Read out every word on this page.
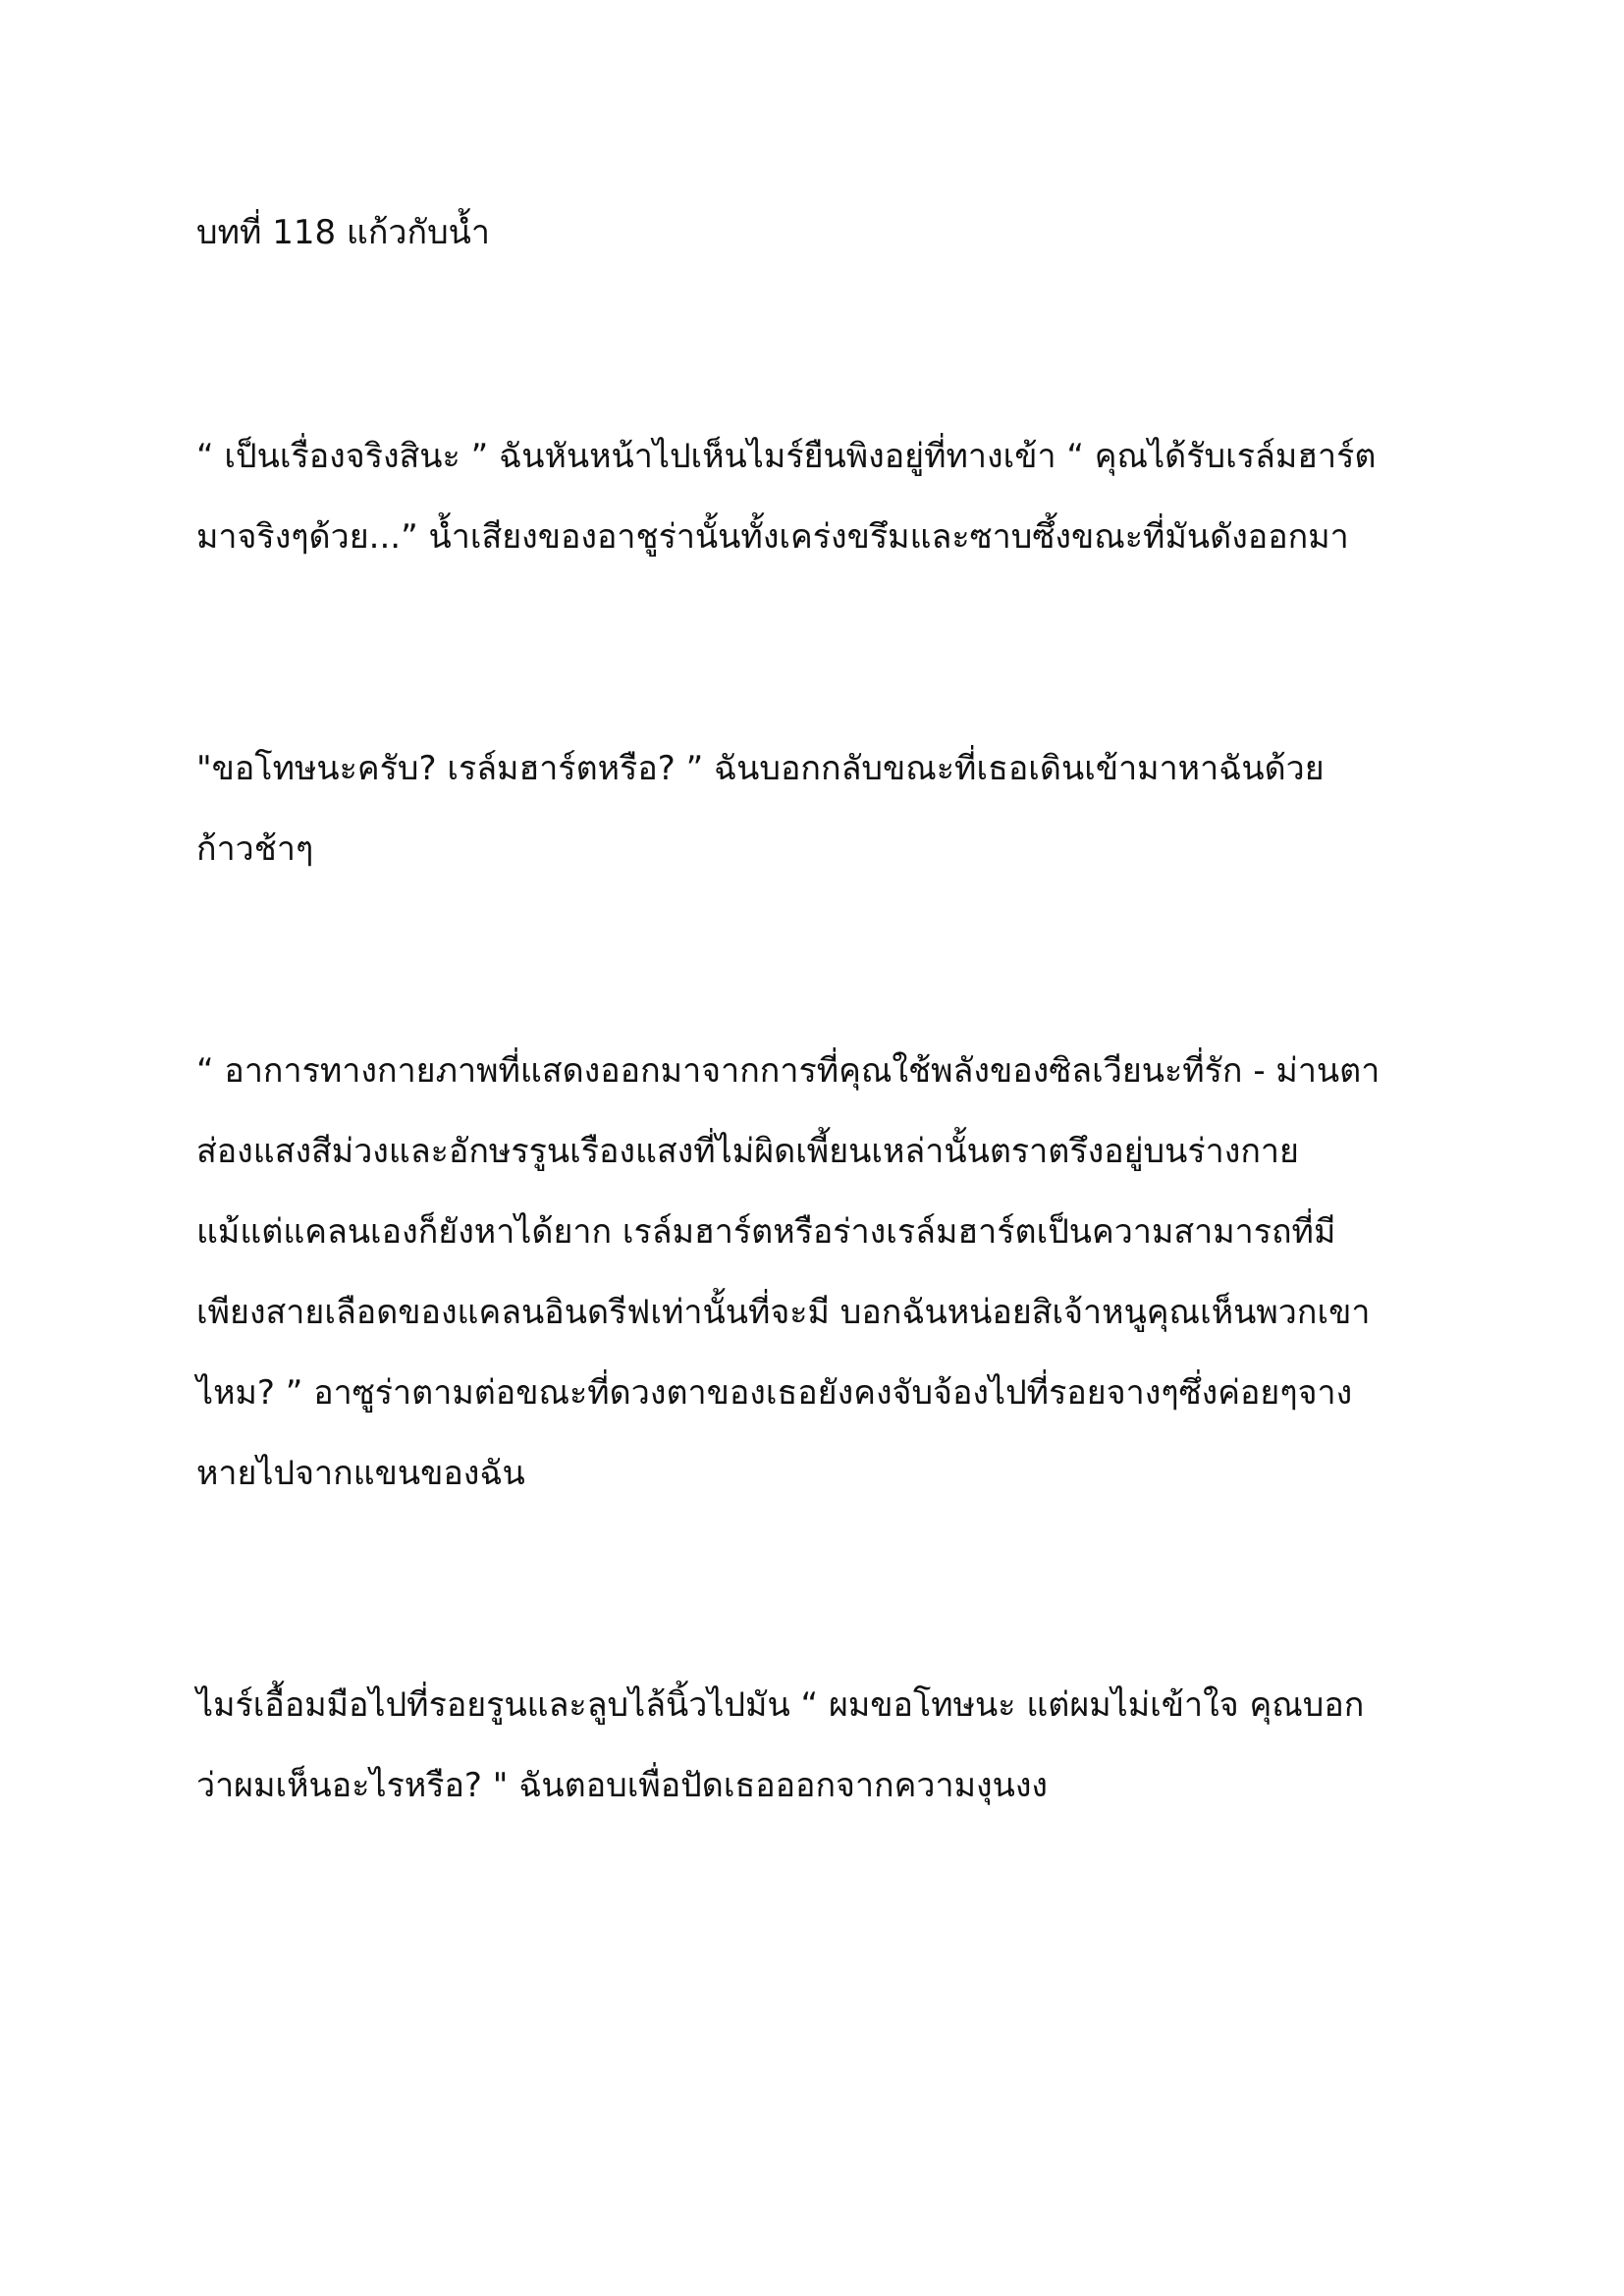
บทที่ 118 แก้วกับน้ำ
“ เป็นเรื่องจริงสินะ ” ฉันหันหน้าไปเห็นไมร์ยืนพิงอยู่ที่ทางเข้า “ คุณได้รับเรล์มฮาร์ต
มาจริงๆด้วย...” น้ำเสียงของอาชูร่านั้นทั้งเคร่งขรึมและซาบซึ้งขณะที่มันดังออกมา
"ขอโทษนะครับ? เรล์มฮาร์ตหรือ? ” ฉันบอกกลับขณะที่เธอเดินเข้ามาหาฉันด้วย
ก้าวช้าๆ
“ อาการทางกายภาพที่แสดงออกมาจากการที่คุณใช้พลังของซิลเวียนะที่รัก - ม่านตา
ส่องแสงสีม่วงและอักษรรูนเรืองแสงที่ไม่ผิดเพี้ยนเหล่านั้นตราตรึงอยู่บนร่างกาย
แม้แต่แคลนเองก็ยังหาได้ยาก เรล์มฮาร์ตหรือร่างเรล์มฮาร์ตเป็นความสามารถที่มี
เพียงสายเลือดของแคลนอินดรีฟเท่านั้นที่จะมี บอกฉันหน่อยสิเจ้าหนูคุณเห็นพวกเขา
ไหม? ” อาซูร่าตามต่อขณะที่ดวงตาของเธอยังคงจับจ้องไปที่รอยจางๆซึ่งค่อยๆจาง
หายไปจากแขนของฉัน
ไมร์เอื้อมมือไปที่รอยรูนและลูบไล้นิ้วไปมัน “ ผมขอโทษนะ แต่ผมไม่เข้าใจ คุณบอก
ว่าผมเห็นอะไรหรือ? " ฉันตอบเพื่อปัดเธอออกจากความงุนงง
